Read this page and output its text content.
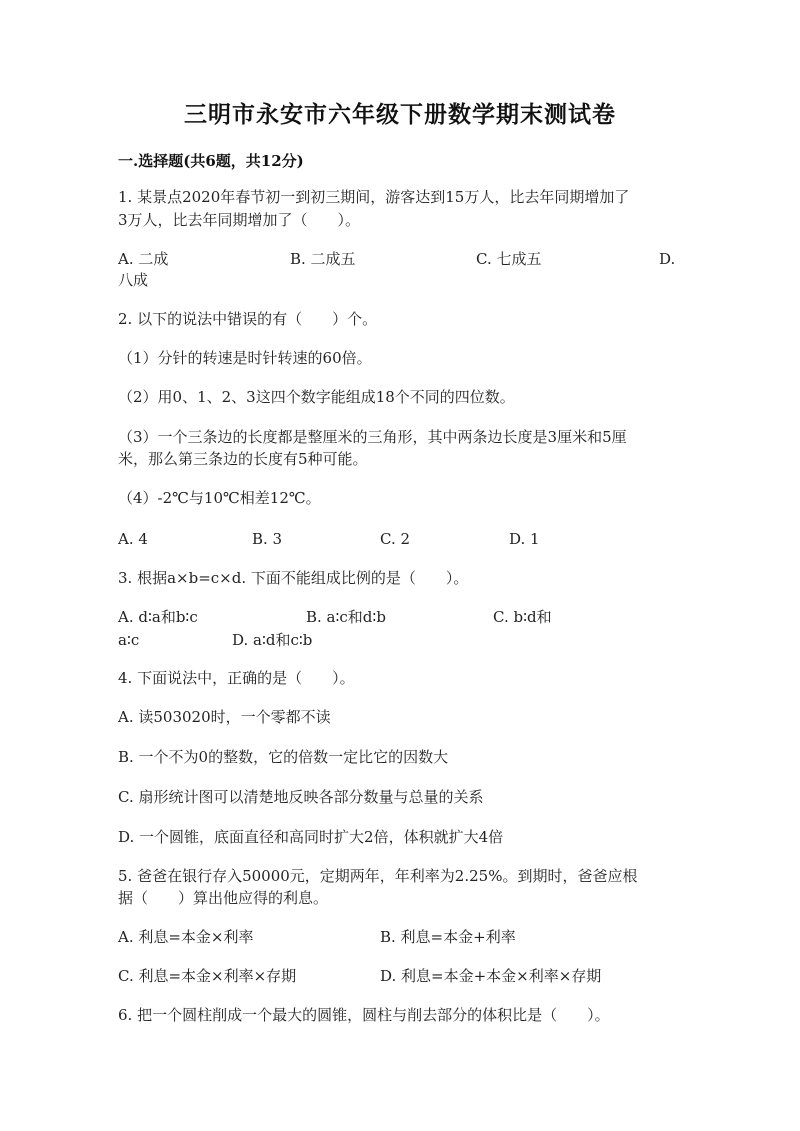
三明市永安市六年级下册数学期末测试卷
一.选择题(共6题，共12分)
1. 某景点2020年春节初一到初三期间，游客达到15万人，比去年同期增加了
3万人，比去年同期增加了（　　）。
A. 二成	B. 二成五	C. 七成五	D.
八成
2. 以下的说法中错误的有（　　）个。
（1）分针的转速是时针转速的60倍。
（2）用0、1、2、3这四个数字能组成18个不同的四位数。
（3）一个三条边的长度都是整厘米的三角形，其中两条边长度是3厘米和5厘
米，那么第三条边的长度有5种可能。
（4）-2℃与10℃相差12℃。
A. 4	B. 3	C. 2	D. 1
3. 根据a×b=c×d. 下面不能组成比例的是（　　）。
A. d∶a和b∶c	B. a∶c和d∶b	C. b∶d和
a∶c	D. a∶d和c∶b
4. 下面说法中，正确的是（　　）。
A. 读503020时，一个零都不读
B. 一个不为0的整数，它的倍数一定比它的因数大
C. 扇形统计图可以清楚地反映各部分数量与总量的关系
D. 一个圆锥，底面直径和高同时扩大2倍，体积就扩大4倍
5. 爸爸在银行存入50000元，定期两年，年利率为2.25%。到期时，爸爸应根
据（　　）算出他应得的利息。
A. 利息=本金×利率	B. 利息=本金+利率
C. 利息=本金×利率×存期	D. 利息=本金+本金×利率×存期
6. 把一个圆柱削成一个最大的圆锥，圆柱与削去部分的体积比是（　　）。
